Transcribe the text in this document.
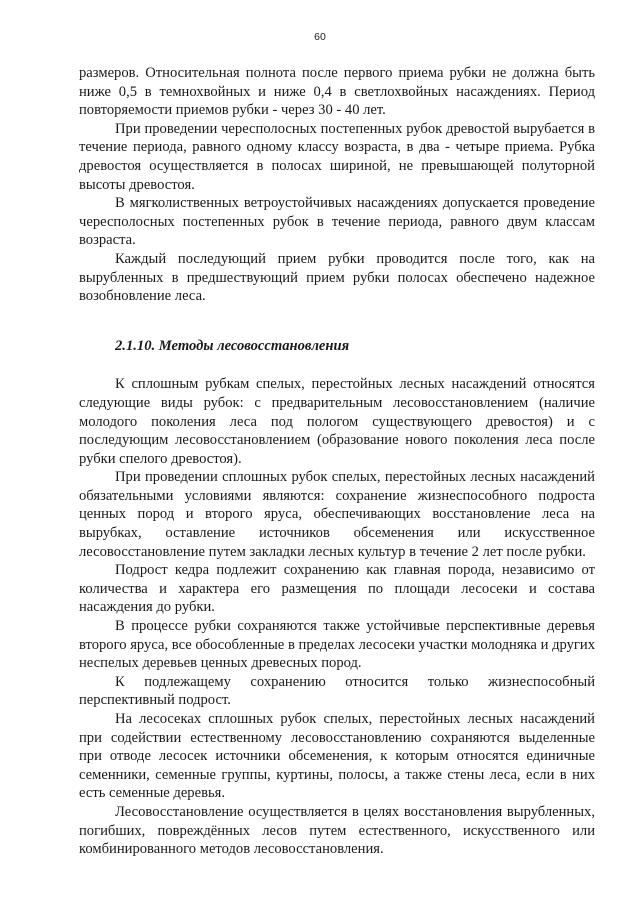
60

размеров. Относительная полнота после первого приема рубки не должна быть ниже 0,5 в темнохвойных и ниже 0,4 в светлохвойных насаждениях. Период повторяемости приемов рубки - через 30 - 40 лет.

При проведении чересполосных постепенных рубок древостой вырубается в течение периода, равного одному классу возраста, в два - четыре приема. Рубка древостоя осуществляется в полосах шириной, не превышающей полуторной высоты древостоя.

В мягколиственных ветроустойчивых насаждениях допускается проведение чересполосных постепенных рубок в течение периода, равного двум классам возраста.

Каждый последующий прием рубки проводится после того, как на вырубленных в предшествующий прием рубки полосах обеспечено надежное возобновление леса.

2.1.10. Методы лесовосстановления

К сплошным рубкам спелых, перестойных лесных насаждений относятся следующие виды рубок: с предварительным лесовосстановлением (наличие молодого поколения леса под пологом существующего древостоя) и с последующим лесовосстановлением (образование нового поколения леса после рубки спелого древостоя).

При проведении сплошных рубок спелых, перестойных лесных насаждений обязательными условиями являются: сохранение жизнеспособного подроста ценных пород и второго яруса, обеспечивающих восстановление леса на вырубках, оставление источников обсеменения или искусственное лесовосстановление путем закладки лесных культур в течение 2 лет после рубки.

Подрост кедра подлежит сохранению как главная порода, независимо от количества и характера его размещения по площади лесосеки и состава насаждения до рубки.

В процессе рубки сохраняются также устойчивые перспективные деревья второго яруса, все обособленные в пределах лесосеки участки молодняка и других неспелых деревьев ценных древесных пород.

К подлежащему сохранению относится только жизнеспособный перспективный подрост.

На лесосеках сплошных рубок спелых, перестойных лесных насаждений при содействии естественному лесовосстановлению сохраняются выделенные при отводе лесосек источники обсеменения, к которым относятся единичные семенники, семенные группы, куртины, полосы, а также стены леса, если в них есть семенные деревья.

Лесовосстановление осуществляется в целях восстановления вырубленных, погибших, повреждённых лесов путем естественного, искусственного или комбинированного методов лесовосстановления.
